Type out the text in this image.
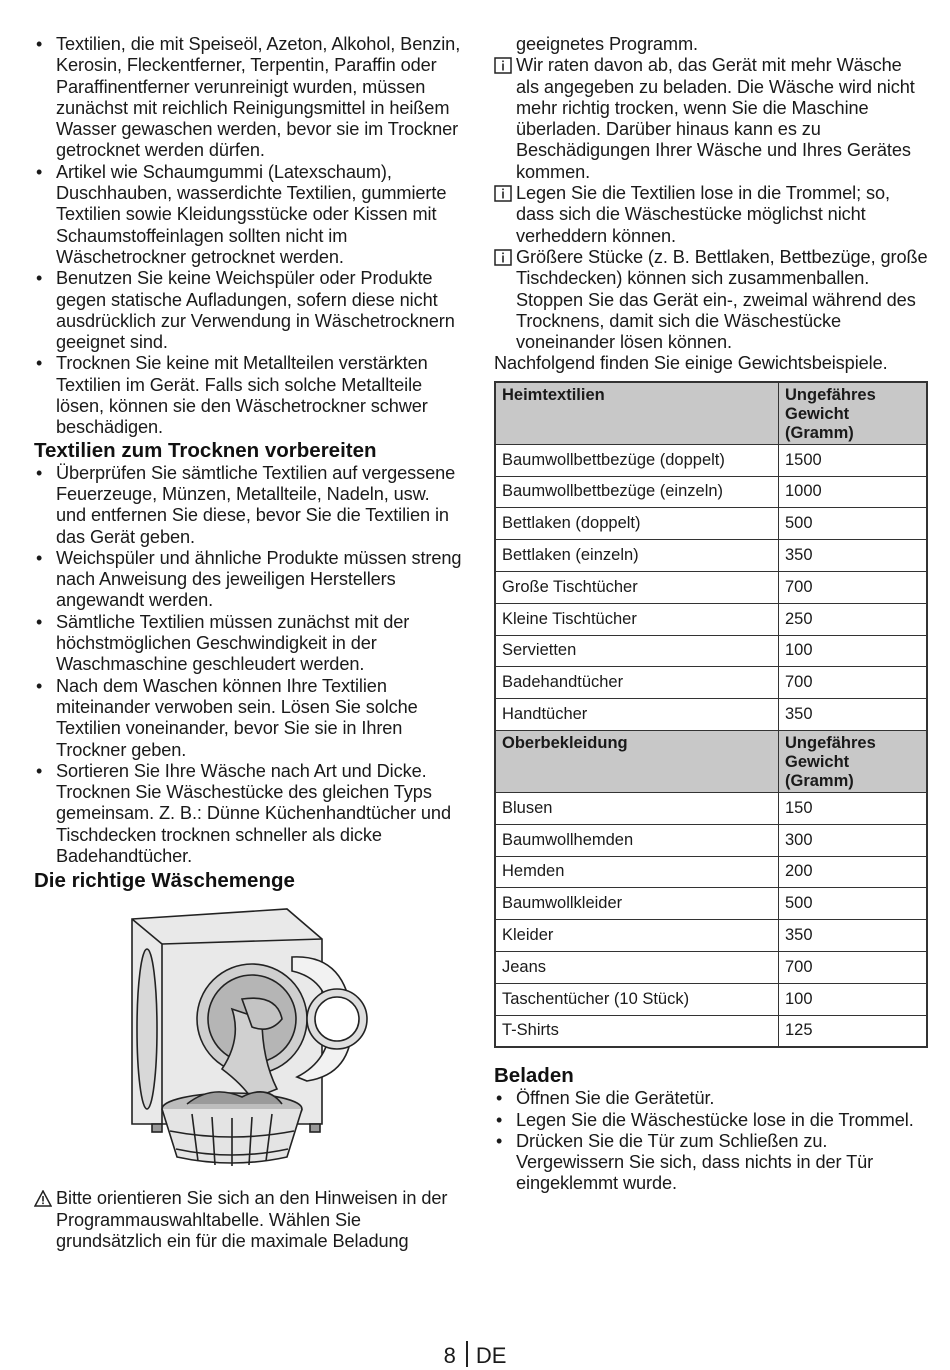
• Textilien, die mit Speiseöl, Azeton, Alkohol, Benzin, Kerosin, Fleckentferner, Terpentin, Paraffin oder Paraffinentferner verunreinigt wurden, müssen zunächst mit reichlich Reinigungsmittel in heißem Wasser gewaschen werden, bevor sie im Trockner getrocknet werden dürfen.
• Artikel wie Schaumgummi (Latexschaum), Duschhauben, wasserdichte Textilien, gummierte Textilien sowie Kleidungsstücke oder Kissen mit Schaumstoffeinlagen sollten nicht im Wäschetrockner getrocknet werden.
• Benutzen Sie keine Weichspüler oder Produkte gegen statische Aufladungen, sofern diese nicht ausdrücklich zur Verwendung in Wäschetrocknern geeignet sind.
• Trocknen Sie keine mit Metallteilen verstärkten Textilien im Gerät. Falls sich solche Metallteile lösen, können sie den Wäschetrockner schwer beschädigen.
Textilien zum Trocknen vorbereiten
• Überprüfen Sie sämtliche Textilien auf vergessene Feuerzeuge, Münzen, Metallteile, Nadeln, usw. und entfernen Sie diese, bevor Sie die Textilien in das Gerät geben.
• Weichspüler und ähnliche Produkte müssen streng nach Anweisung des jeweiligen Herstellers angewandt werden.
• Sämtliche Textilien müssen zunächst mit der höchstmöglichen Geschwindigkeit in der Waschmaschine geschleudert werden.
• Nach dem Waschen können Ihre Textilien miteinander verwoben sein. Lösen Sie solche Textilien voneinander, bevor Sie sie in Ihren Trockner geben.
• Sortieren Sie Ihre Wäsche nach Art und Dicke. Trocknen Sie Wäschestücke des gleichen Typs gemeinsam. Z. B.: Dünne Küchenhandtücher und Tischdecken trocknen schneller als dicke Badehandtücher.
Die richtige Wäschemenge
Bitte orientieren Sie sich an den Hinweisen in der Programmauswahltabelle. Wählen Sie grundsätzlich ein für die maximale Beladung
geeignetes Programm.
Wir raten davon ab, das Gerät mit mehr Wäsche als angegeben zu beladen. Die Wäsche wird nicht mehr richtig trocken, wenn Sie die Maschine überladen. Darüber hinaus kann es zu Beschädigungen Ihrer Wäsche und Ihres Gerätes kommen.
Legen Sie die Textilien lose in die Trommel; so, dass sich die Wäschestücke möglichst nicht verheddern können.
Größere Stücke (z. B. Bettlaken, Bettbezüge, große Tischdecken) können sich zusammenballen. Stoppen Sie das Gerät ein-, zweimal während des Trocknens, damit sich die Wäschestücke voneinander lösen können.
Nachfolgend finden Sie einige Gewichtsbeispiele.
Heimtextilien	Ungefähres Gewicht (Gramm)
Baumwollbettbezüge (doppelt)	1500
Baumwollbettbezüge (einzeln)	1000
Bettlaken (doppelt)	500
Bettlaken (einzeln)	350
Große Tischtücher	700
Kleine Tischtücher	250
Servietten	100
Badehandtücher	700
Handtücher	350
Oberbekleidung	Ungefähres Gewicht (Gramm)
Blusen	150
Baumwollhemden	300
Hemden	200
Baumwollkleider	500
Kleider	350
Jeans	700
Taschentücher (10 Stück)	100
T-Shirts	125
Beladen
• Öffnen Sie die Gerätetür.
• Legen Sie die Wäschestücke lose in die Trommel.
• Drücken Sie die Tür zum Schließen zu. Vergewissern Sie sich, dass nichts in der Tür eingeklemmt wurde.
8 DE
